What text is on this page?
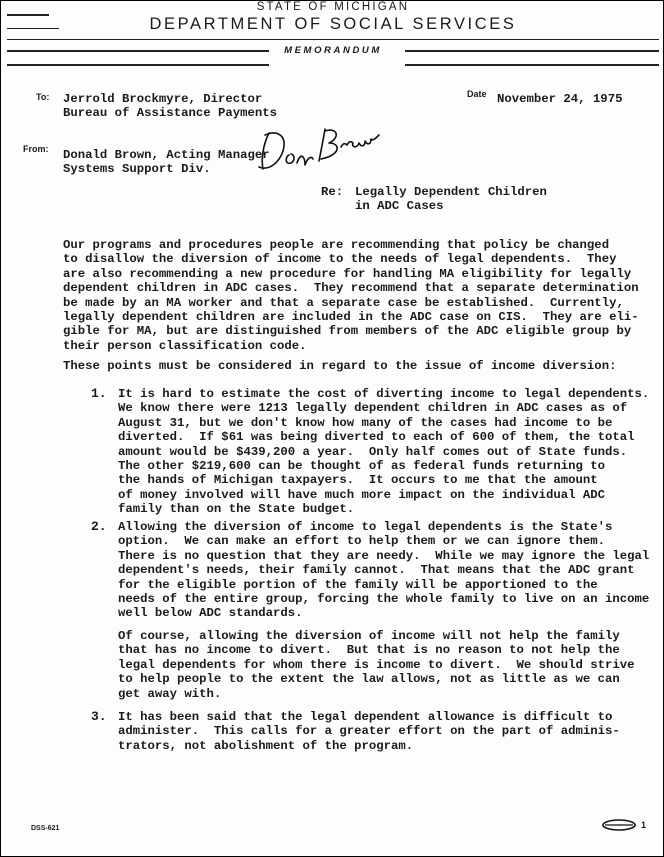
STATE OF MICHIGAN
DEPARTMENT OF SOCIAL SERVICES
MEMORANDUM
To: Jerrold Brockmyre, Director
Bureau of Assistance Payments
Date November 24, 1975
From: Donald Brown, Acting Manager
Systems Support Div.
Re: Legally Dependent Children
in ADC Cases
Our programs and procedures people are recommending that policy be changed
to disallow the diversion of income to the needs of legal dependents.  They
are also recommending a new procedure for handling MA eligibility for legally
dependent children in ADC cases.  They recommend that a separate determination
be made by an MA worker and that a separate case be established.  Currently,
legally dependent children are included in the ADC case on CIS.  They are eli-
gible for MA, but are distinguished from members of the ADC eligible group by
their person classification code.
These points must be considered in regard to the issue of income diversion:
1. It is hard to estimate the cost of diverting income to legal dependents.
We know there were 1213 legally dependent children in ADC cases as of
August 31, but we don't know how many of the cases had income to be
diverted.  If $61 was being diverted to each of 600 of them, the total
amount would be $439,200 a year.  Only half comes out of State funds.
The other $219,600 can be thought of as federal funds returning to
the hands of Michigan taxpayers.  It occurs to me that the amount
of money involved will have much more impact on the individual ADC
family than on the State budget.
2. Allowing the diversion of income to legal dependents is the State's
option.  We can make an effort to help them or we can ignore them.
There is no question that they are needy.  While we may ignore the legal
dependent's needs, their family cannot.  That means that the ADC grant
for the eligible portion of the family will be apportioned to the
needs of the entire group, forcing the whole family to live on an income
well below ADC standards.
Of course, allowing the diversion of income will not help the family
that has no income to divert.  But that is no reason to not help the
legal dependents for whom there is income to divert.  We should strive
to help people to the extent the law allows, not as little as we can
get away with.
3. It has been said that the legal dependent allowance is difficult to
administer.  This calls for a greater effort on the part of adminis-
trators, not abolishment of the program.
DSS-621	1
